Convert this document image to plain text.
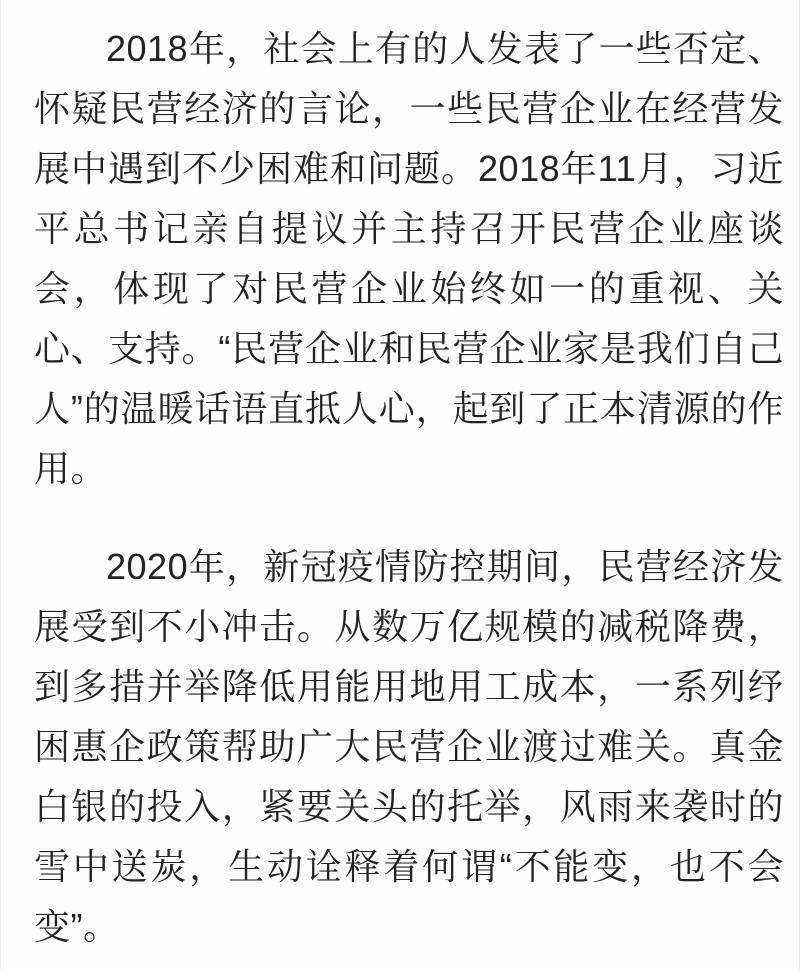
2018年，社会上有的人发表了一些否定、
怀疑民营经济的言论，一些民营企业在经营发
展中遇到不少困难和问题。2018年11月，习近
平总书记亲自提议并主持召开民营企业座谈
会，体现了对民营企业始终如一的重视、关
心、支持。“民营企业和民营企业家是我们自己
人”的温暖话语直抵人心，起到了正本清源的作
用。
2020年，新冠疫情防控期间，民营经济发
展受到不小冲击。从数万亿规模的减税降费，
到多措并举降低用能用地用工成本，一系列纾
困惠企政策帮助广大民营企业渡过难关。真金
白银的投入，紧要关头的托举，风雨来袭时的
雪中送炭，生动诠释着何谓“不能变，也不会
变”。
